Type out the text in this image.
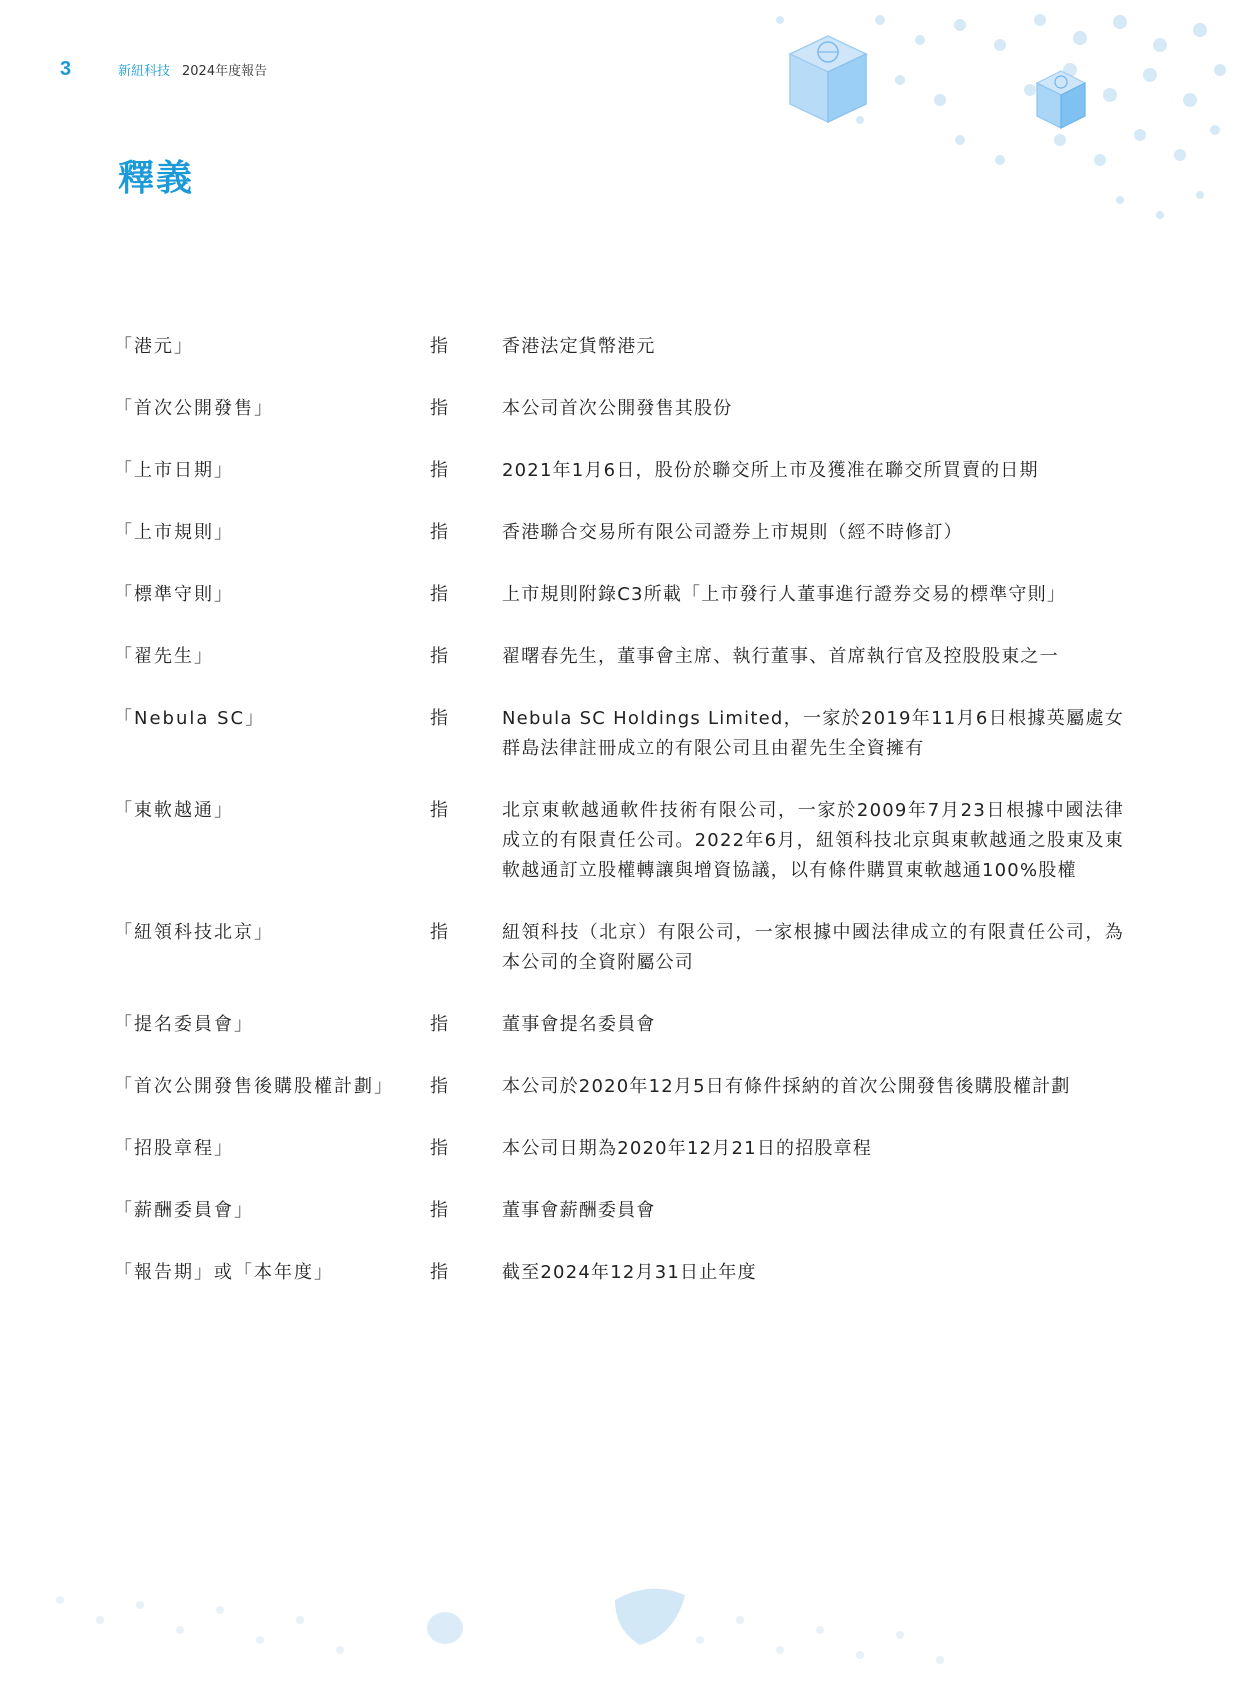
3	新紐科技 2024年度報告
釋義
「港元」	指	香港法定貨幣港元
「首次公開發售」	指	本公司首次公開發售其股份
「上市日期」	指	2021年1月6日，股份於聯交所上市及獲准在聯交所買賣的日期
「上市規則」	指	香港聯合交易所有限公司證券上市規則（經不時修訂）
「標準守則」	指	上市規則附錄C3所載「上市發行人董事進行證券交易的標準守則」
「翟先生」	指	翟曙春先生，董事會主席、執行董事、首席執行官及控股股東之一
「Nebula SC」	指	Nebula SC Holdings Limited，一家於2019年11月6日根據英屬處女群島法律註冊成立的有限公司且由翟先生全資擁有
「東軟越通」	指	北京東軟越通軟件技術有限公司，一家於2009年7月23日根據中國法律成立的有限責任公司。2022年6月，紐領科技北京與東軟越通之股東及東軟越通訂立股權轉讓與增資協議，以有條件購買東軟越通100%股權
「紐領科技北京」	指	紐領科技（北京）有限公司，一家根據中國法律成立的有限責任公司，為本公司的全資附屬公司
「提名委員會」	指	董事會提名委員會
「首次公開發售後購股權計劃」	指	本公司於2020年12月5日有條件採納的首次公開發售後購股權計劃
「招股章程」	指	本公司日期為2020年12月21日的招股章程
「薪酬委員會」	指	董事會薪酬委員會
「報告期」或「本年度」	指	截至2024年12月31日止年度
